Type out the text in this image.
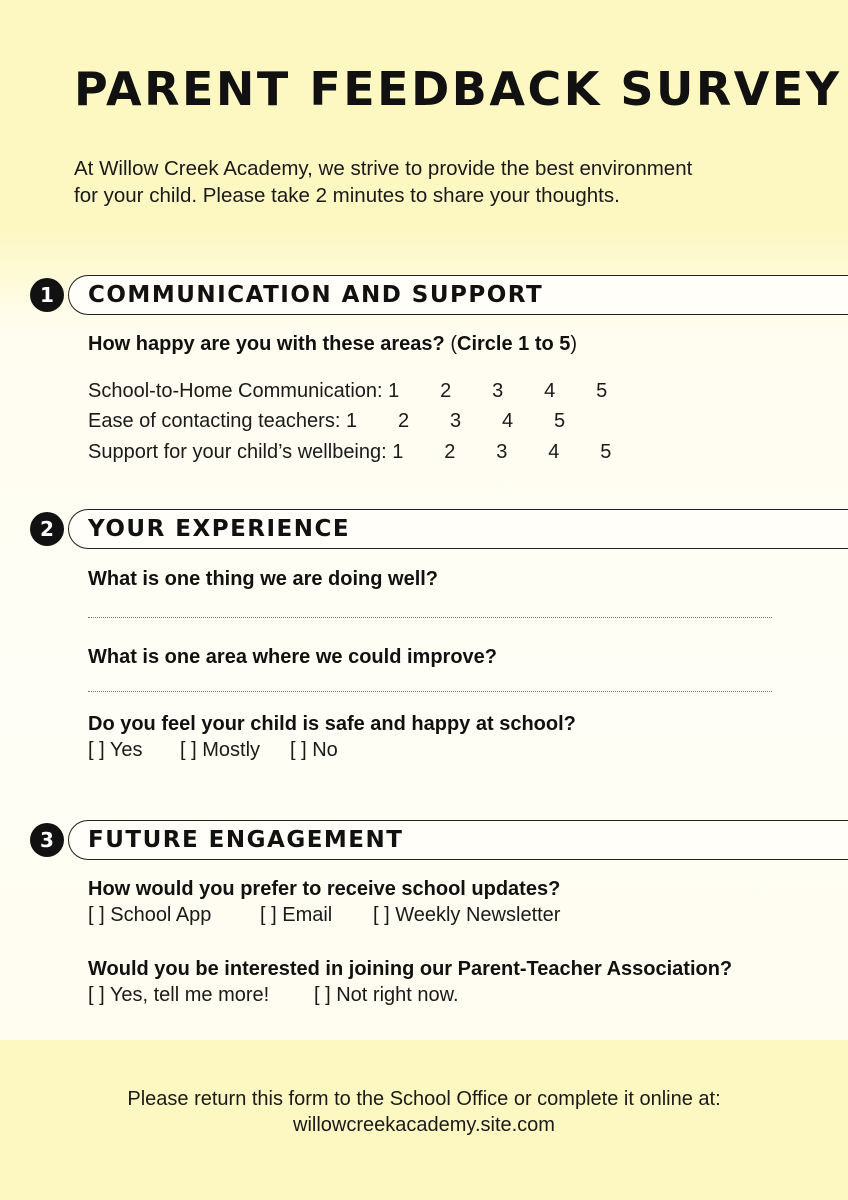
PARENT FEEDBACK SURVEY
At Willow Creek Academy, we strive to provide the best environment
for your child. Please take 2 minutes to share your thoughts.
1	COMMUNICATION AND SUPPORT
How happy are you with these areas? (Circle 1 to 5)
School-to-Home Communication: 1 2 3 4 5
Ease of contacting teachers: 1 2 3 4 5
Support for your child’s wellbeing: 1 2 3 4 5
2	YOUR EXPERIENCE
What is one thing we are doing well?
What is one area where we could improve?
Do you feel your child is safe and happy at school?
[ ] Yes [ ] Mostly [ ] No
3	FUTURE ENGAGEMENT
How would you prefer to receive school updates?
[ ] School App [ ] Email [ ] Weekly Newsletter
Would you be interested in joining our Parent-Teacher Association?
[ ] Yes, tell me more! [ ] Not right now.
Please return this form to the School Office or complete it online at:
willowcreekacademy.site.com
